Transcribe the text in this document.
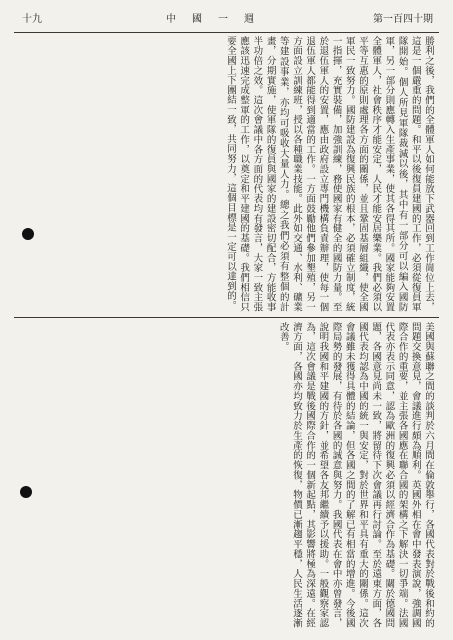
十九	中國一週	第一百四十期
勝利之後，我們的全體軍人如何能放下武器回到工作崗位上去，這是一個嚴重的問題。和平以後復員建國的工作，必須從復員軍隊開始。個人所見軍隊裁減以後，其中有一部分可以編入國防軍，另一部分則應轉入生產事業，使其各得其所。國家能夠安置全體軍人，社會秩序才能安定，人民才能安居樂業。我們必須以平等互惠的原則處理各方面的關係，並且鞏固基層組織，使全國軍民一致努力。國防建設為復興民族的根本，必須確立制度，統一指揮，充實裝備，加強訓練，務使國家有健全的國防力量。至於退伍軍人的安置，應由政府設立專門機構負責辦理，使每一個退伍軍人都能得到適當的工作。一方面鼓勵他們參加墾殖，另一方面設立訓練班，授以各種職業技能。此外如交通、水利、礦業等建設事業，亦均可吸收大量人力。總之我們必須有整個的計畫，分期實施，使軍隊的復員與國家的建設密切配合，方能收事半功倍之效。這次會議中各方面的代表均有發言，大家一致主張應該迅速完成整軍的工作，以奠定和平建國的基礎。我們相信只要全國上下團結一致，共同努力，這個目標是一定可以達到的。
美國與蘇聯之間的談判於六月間在倫敦舉行，各國代表對於戰後和約的問題交換意見，會議進行頗為順利。英國外相在會中發表演說，強調國際合作的重要，並主張各國應在聯合國的架構之下解決一切爭端。法國代表亦表示同意，認為歐洲的復興必須以經濟合作為基礎。關於德國問題，各國意見尚未一致，將留待下次會議再行討論。至於遠東方面，各國代表均認為中國的統一與安定，對於世界和平具有重大的關係。這次會議雖未獲得具體的結論，但各國之間的了解已有相當的增進。今後國際局勢的發展，有待於各國的誠意與努力。我國代表在會中亦曾發言，說明我國和平建國的方針，並希望各友邦繼續予以援助。一般觀察家認為，這次會議是戰後國際合作的一個新起點，其影響將極為深遠。在經濟方面，各國亦均致力於生產的恢復，物價已漸趨平穩，人民生活逐漸改善。
